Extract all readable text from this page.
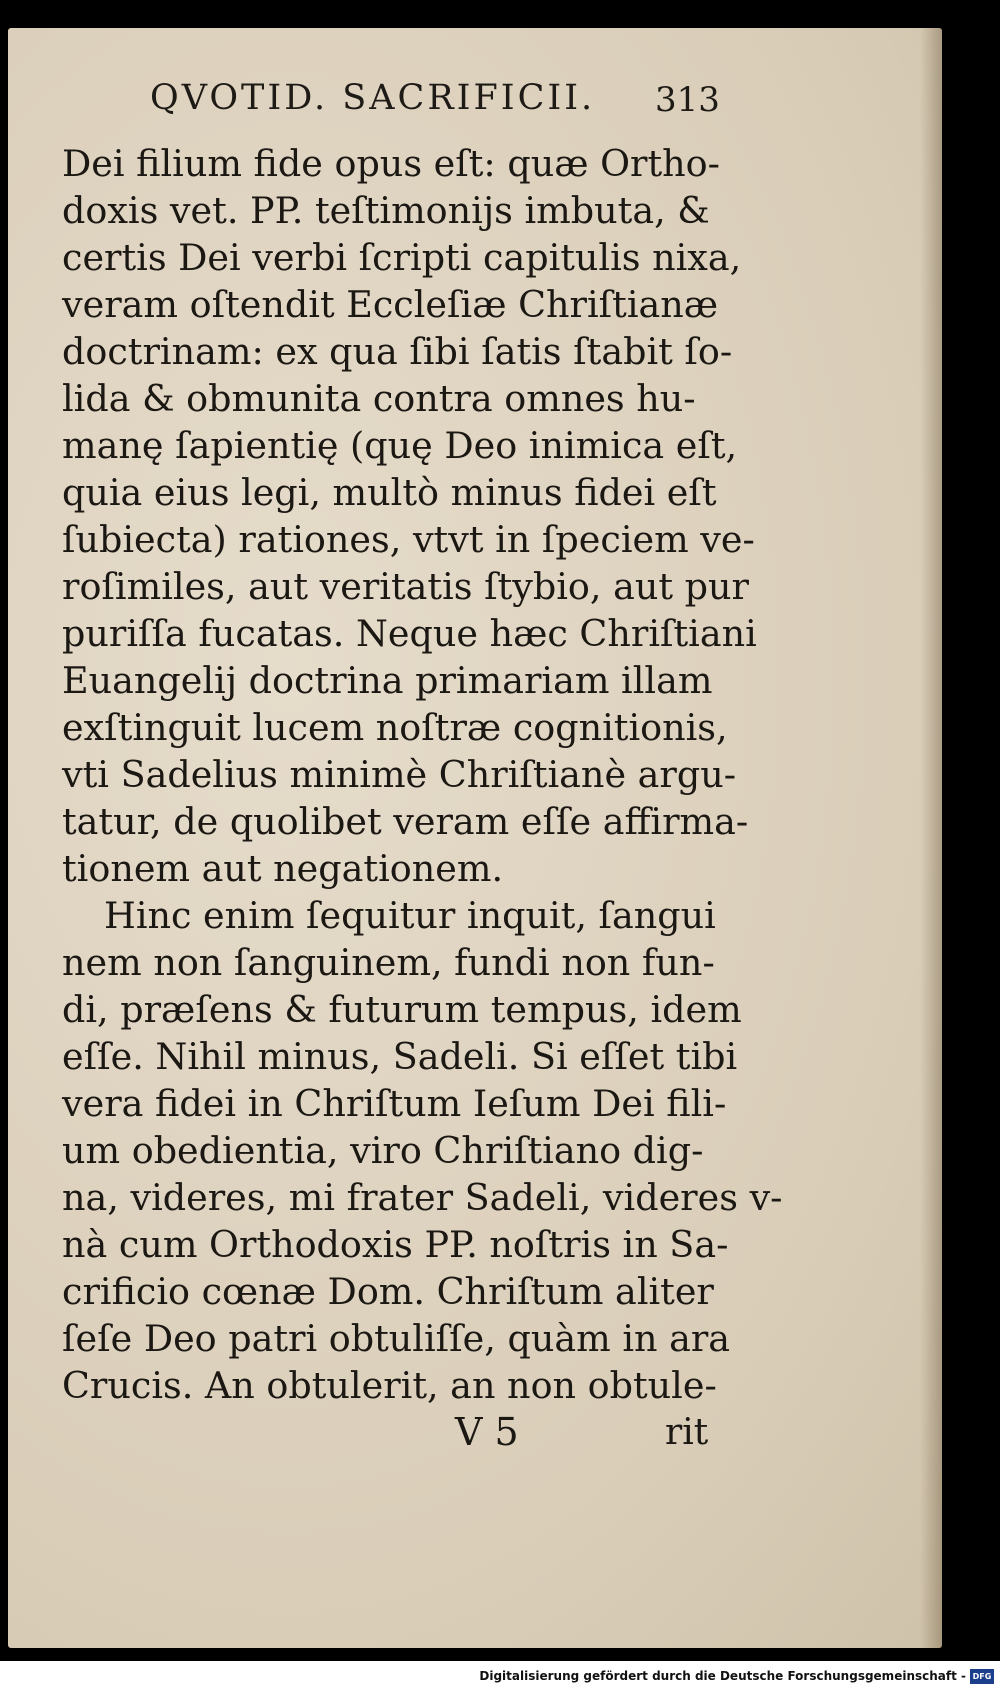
QVOTID. SACRIFICII.	313
Dei filium fide opus eſt: quæ Ortho-
doxis vet. PP. teſtimonijs imbuta, &
certis Dei verbi ſcripti capitulis nixa,
veram oſtendit Eccleſiæ Chriſtianæ
doctrinam: ex qua ſibi ſatis ſtabit ſo-
lida & obmunita contra omnes hu-
manę ſapientię (quę Deo inimica eſt,
quia eius legi, multò minus fidei eſt
ſubiecta) rationes, vtvt in ſpeciem ve-
roſimiles, aut veritatis ſtybio, aut pur
puriſſa fucatas. Neque hæc Chriſtiani
Euangelij doctrina primariam illam
exſtinguit lucem noſtræ cognitionis,
vti Sadelius minimè Chriſtianè argu-
tatur, de quolibet veram eſſe affirma-
tionem aut negationem.
Hinc enim ſequitur inquit, ſangui
nem non ſanguinem, fundi non fun-
di, præſens & futurum tempus, idem
eſſe. Nihil minus, Sadeli. Si eſſet tibi
vera fidei in Chriſtum Ieſum Dei fili-
um obedientia, viro Chriſtiano dig-
na, videres, mi frater Sadeli, videres v-
nà cum Orthodoxis PP. noſtris in Sa-
crificio cœnæ Dom. Chriſtum aliter
ſeſe Deo patri obtuliſſe, quàm in ara
Crucis. An obtulerit, an non obtule-
V 5	rit
Digitalisierung gefördert durch die Deutsche Forschungsgemeinschaft - DFG
